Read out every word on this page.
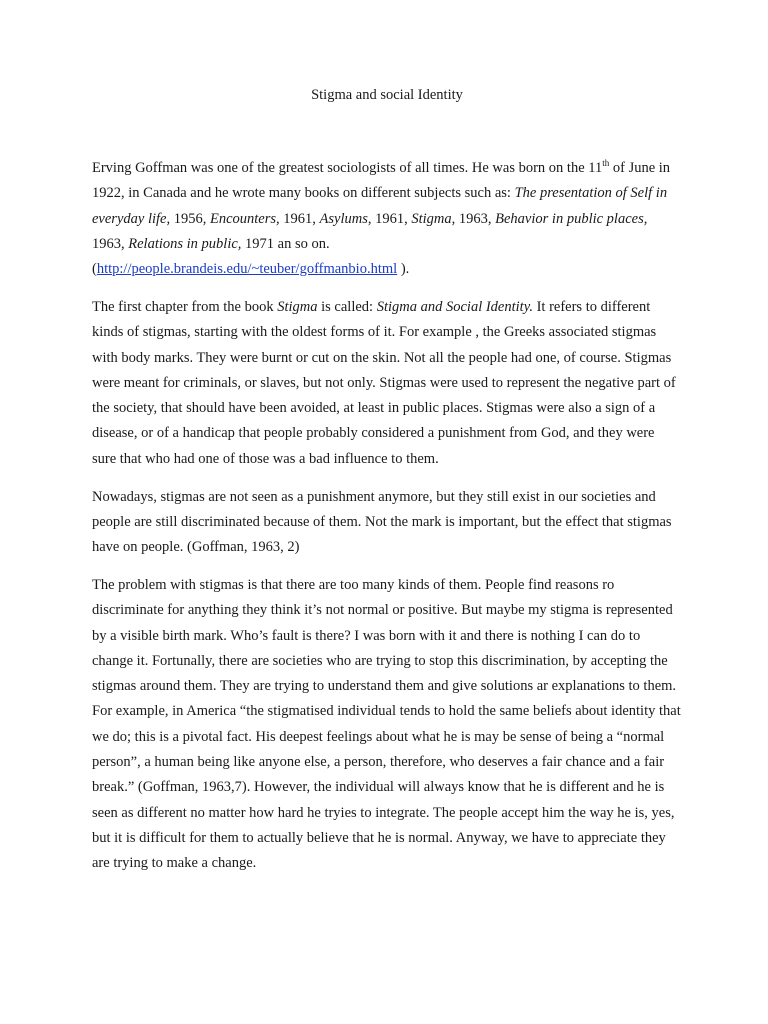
Stigma and social Identity

Erving Goffman was one of the greatest sociologists of all times. He was born on the 11th of June in 1922, in Canada and he wrote many books on different subjects such as: The presentation of Self in everyday life, 1956, Encounters, 1961, Asylums, 1961, Stigma, 1963, Behavior in public places, 1963, Relations in public, 1971 an so on.
(http://people.brandeis.edu/~teuber/goffmanbio.html ).

The first chapter from the book Stigma is called: Stigma and Social Identity. It refers to different kinds of stigmas, starting with the oldest forms of it. For example , the Greeks associated stigmas with body marks. They were burnt or cut on the skin. Not all the people had one, of course. Stigmas were meant for criminals, or slaves, but not only. Stigmas were used to represent the negative part of the society, that should have been avoided, at least in public places. Stigmas were also a sign of a disease, or of a handicap that people probably considered a punishment from God, and they were sure that who had one of those was a bad influence to them.

Nowadays, stigmas are not seen as a punishment anymore, but they still exist in our societies and people are still discriminated because of them. Not the mark is important, but the effect that stigmas have on people. (Goffman, 1963, 2)

The problem with stigmas is that there are too many kinds of them. People find reasons ro discriminate for anything they think it’s not normal or positive. But maybe my stigma is represented by a visible birth mark. Who’s fault is there? I was born with it and there is nothing I can do to change it. Fortunally, there are societies who are trying to stop this discrimination, by accepting the stigmas around them. They are trying to understand them and give solutions ar explanations to them. For example, in America “the stigmatised individual tends to hold the same beliefs about identity that we do; this is a pivotal fact. His deepest feelings about what he is may be sense of being a “normal person”, a human being like anyone else, a person, therefore, who deserves a fair chance and a fair break.” (Goffman, 1963,7). However, the individual will always know that he is different and he is seen as different no matter how hard he tryies to integrate. The people accept him the way he is, yes, but it is difficult for them to actually believe that he is normal. Anyway, we have to appreciate they are trying to make a change.
